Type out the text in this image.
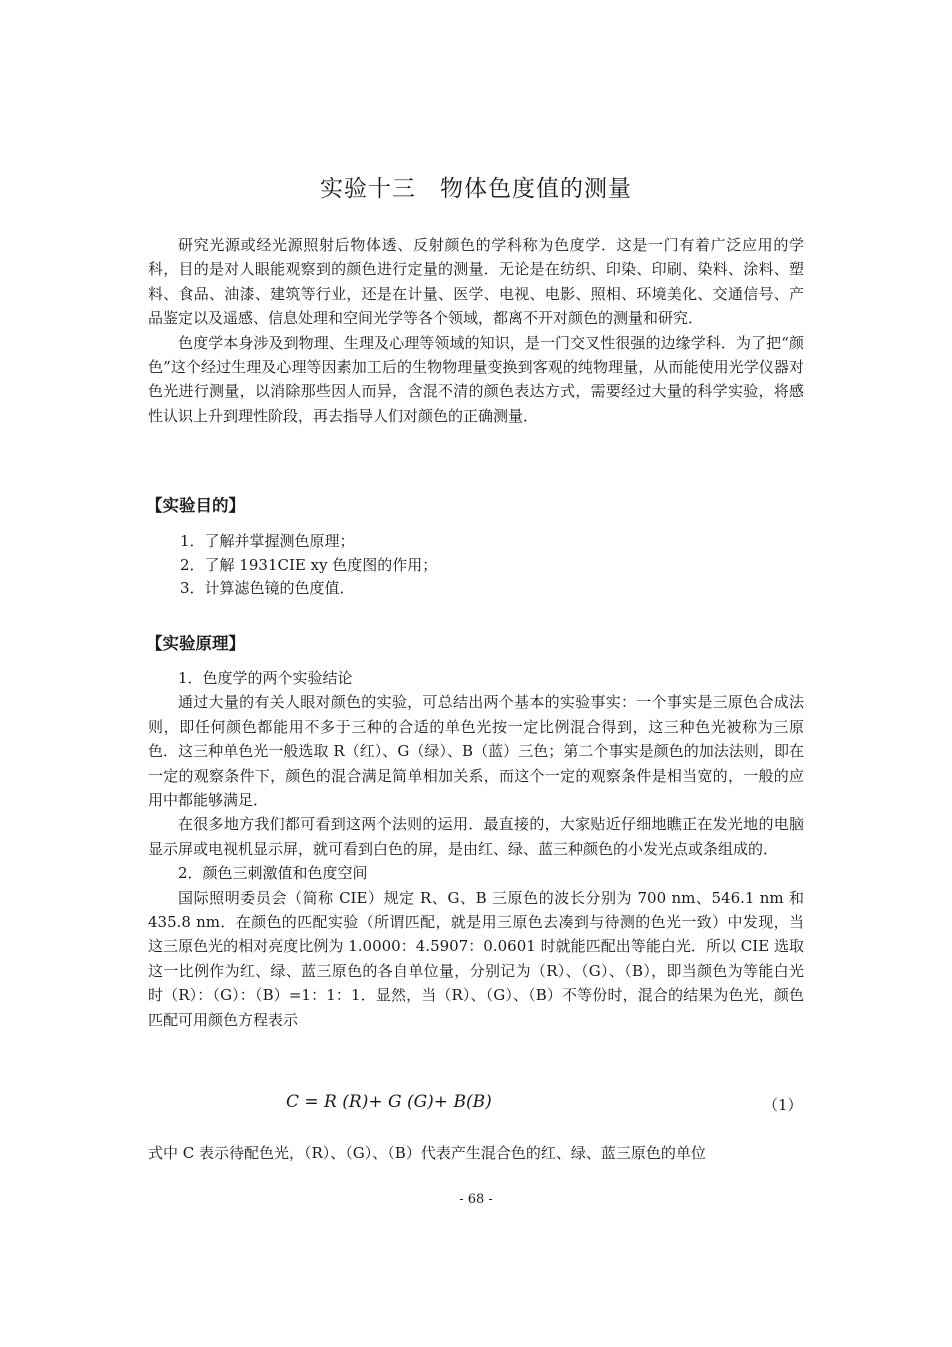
实验十三　物体色度值的测量

研究光源或经光源照射后物体透、反射颜色的学科称为色度学．这是一门有着广泛应用的学科，目的是对人眼能观察到的颜色进行定量的测量．无论是在纺织、印染、印刷、染料、涂料、塑料、食品、油漆、建筑等行业，还是在计量、医学、电视、电影、照相、环境美化、交通信号、产品鉴定以及遥感、信息处理和空间光学等各个领域，都离不开对颜色的测量和研究．

色度学本身涉及到物理、生理及心理等领域的知识，是一门交叉性很强的边缘学科．为了把“颜色”这个经过生理及心理等因素加工后的生物物理量变换到客观的纯物理量，从而能使用光学仪器对色光进行测量，以消除那些因人而异，含混不清的颜色表达方式，需要经过大量的科学实验，将感性认识上升到理性阶段，再去指导人们对颜色的正确测量．

【实验目的】
1．了解并掌握测色原理；
2．了解 1931CIE xy 色度图的作用；
3．计算滤色镜的色度值．
【实验原理】

1．色度学的两个实验结论

通过大量的有关人眼对颜色的实验，可总结出两个基本的实验事实：一个事实是三原色合成法则，即任何颜色都能用不多于三种的合适的单色光按一定比例混合得到，这三种色光被称为三原色．这三种单色光一般选取 R（红）、G（绿）、B（蓝）三色；第二个事实是颜色的加法法则，即在一定的观察条件下，颜色的混合满足简单相加关系，而这个一定的观察条件是相当宽的，一般的应用中都能够满足．

在很多地方我们都可看到这两个法则的运用．最直接的，大家贴近仔细地瞧正在发光地的电脑显示屏或电视机显示屏，就可看到白色的屏，是由红、绿、蓝三种颜色的小发光点或条组成的．

2．颜色三刺激值和色度空间

国际照明委员会（简称 CIE）规定 R、G、B 三原色的波长分别为 700 nm、546.1 nm 和 435.8 nm．在颜色的匹配实验（所谓匹配，就是用三原色去凑到与待测的色光一致）中发现，当这三原色光的相对亮度比例为 1.0000：4.5907：0.0601 时就能匹配出等能白光．所以 CIE 选取这一比例作为红、绿、蓝三原色的各自单位量，分别记为（R）、（G）、（B），即当颜色为等能白光时（R）：（G）：（B）=1：1：1．显然，当（R）、（G）、（B）不等份时，混合的结果为色光，颜色匹配可用颜色方程表示

C = R (R)+ G (G)+ B(B)	（1）
式中 C 表示待配色光，（R）、（G）、（B）代表产生混合色的红、绿、蓝三原色的单位
- 68 -
